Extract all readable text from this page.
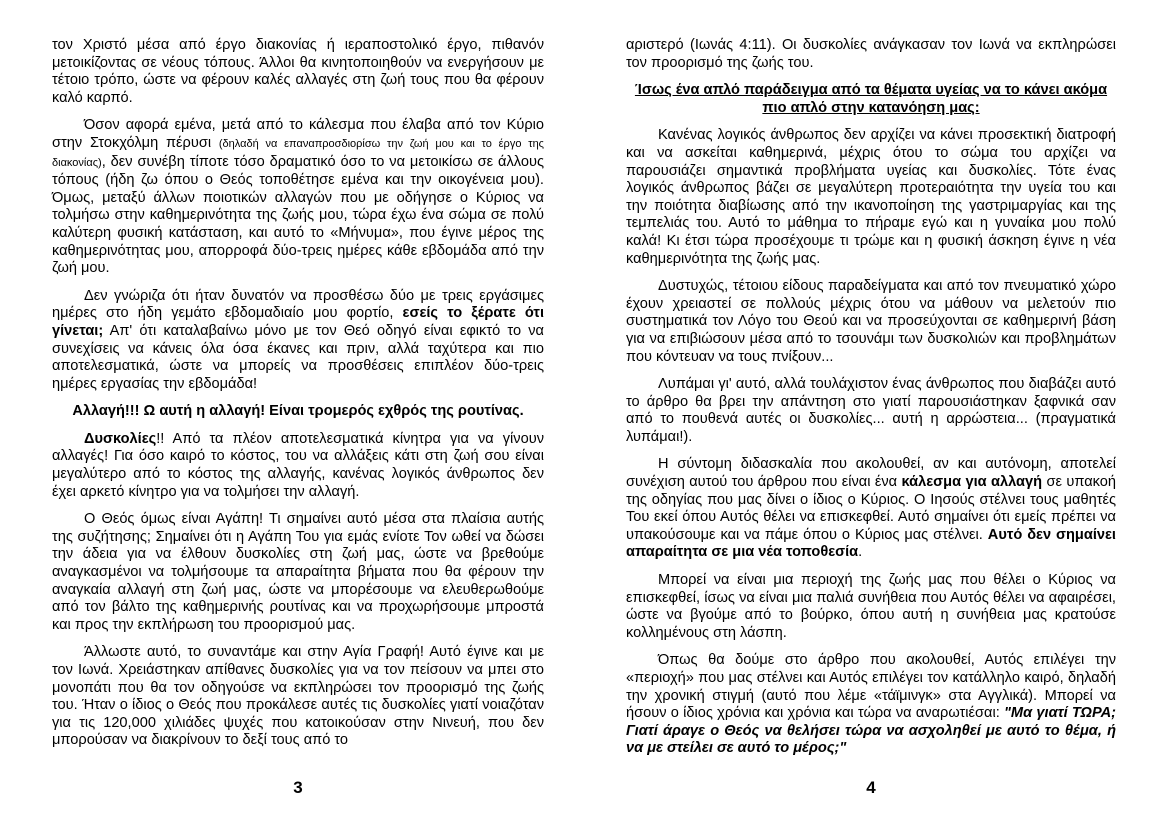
τον Χριστό μέσα από έργο διακονίας ή ιεραποστολικό έργο, πιθανόν μετοικίζοντας σε νέους τόπους. Άλλοι θα κινητοποιηθούν να ενεργήσουν με τέτοιο τρόπο, ώστε να φέρουν καλές αλλαγές στη ζωή τους που θα φέρουν καλό καρπό.

Όσον αφορά εμένα, μετά από το κάλεσμα που έλαβα από τον Κύριο στην Στοκχόλμη πέρυσι (δηλαδή να επαναπροσδιορίσω την ζωή μου και το έργο της διακονίας), δεν συνέβη τίποτε τόσο δραματικό όσο το να μετοικίσω σε άλλους τόπους (ήδη ζω όπου ο Θεός τοποθέτησε εμένα και την οικογένεια μου). Όμως, μεταξύ άλλων ποιοτικών αλλαγών που με οδήγησε ο Κύριος να τολμήσω στην καθημερινότητα της ζωής μου, τώρα έχω ένα σώμα σε πολύ καλύτερη φυσική κατάσταση, και αυτό το «Μήνυμα», που έγινε μέρος της καθημερινότητας μου, απορροφά δύο-τρεις ημέρες κάθε εβδομάδα από την ζωή μου.

Δεν γνώριζα ότι ήταν δυνατόν να προσθέσω δύο με τρεις εργάσιμες ημέρες στο ήδη γεμάτο εβδομαδιαίο μου φορτίο, εσείς το ξέρατε ότι γίνεται; Απ' ότι καταλαβαίνω μόνο με τον Θεό οδηγό είναι εφικτό το να συνεχίσεις να κάνεις όλα όσα έκανες και πριν, αλλά ταχύτερα και πιο αποτελεσματικά, ώστε να μπορείς να προσθέσεις επιπλέον δύο-τρεις ημέρες εργασίας την εβδομάδα!

Αλλαγή!!! Ω αυτή η αλλαγή! Είναι τρομερός εχθρός της ρουτίνας.

Δυσκολίες!! Από τα πλέον αποτελεσματικά κίνητρα για να γίνουν αλλαγές! Για όσο καιρό το κόστος, του να αλλάξεις κάτι στη ζωή σου είναι μεγαλύτερο από το κόστος της αλλαγής, κανένας λογικός άνθρωπος δεν έχει αρκετό κίνητρο για να τολμήσει την αλλαγή.

Ο Θεός όμως είναι Αγάπη! Τι σημαίνει αυτό μέσα στα πλαίσια αυτής της συζήτησης; Σημαίνει ότι η Αγάπη Του για εμάς ενίοτε Τον ωθεί να δώσει την άδεια για να έλθουν δυσκολίες στη ζωή μας, ώστε να βρεθούμε αναγκασμένοι να τολμήσουμε τα απαραίτητα βήματα που θα φέρουν την αναγκαία αλλαγή στη ζωή μας, ώστε να μπορέσουμε να ελευθερωθούμε από τον βάλτο της καθημερινής ρουτίνας και να προχωρήσουμε μπροστά και προς την εκπλήρωση του προορισμού μας.

Άλλωστε αυτό, το συναντάμε και στην Αγία Γραφή! Αυτό έγινε και με τον Ιωνά. Χρειάστηκαν απίθανες δυσκολίες για να τον πείσουν να μπει στο μονοπάτι που θα τον οδηγούσε να εκπληρώσει τον προορισμό της ζωής του. Ήταν ο ίδιος ο Θεός που προκάλεσε αυτές τις δυσκολίες γιατί νοιαζόταν για τις 120,000 χιλιάδες ψυχές που κατοικούσαν στην Νινευή, που δεν μπορούσαν να διακρίνουν το δεξί τους από το

3

αριστερό (Ιωνάς 4:11). Οι δυσκολίες ανάγκασαν τον Ιωνά να εκπληρώσει τον προορισμό της ζωής του.

Ίσως ένα απλό παράδειγμα από τα θέματα υγείας να το κάνει ακόμα πιο απλό στην κατανόηση μας:

Κανένας λογικός άνθρωπος δεν αρχίζει να κάνει προσεκτική διατροφή και να ασκείται καθημερινά, μέχρις ότου το σώμα του αρχίζει να παρουσιάζει σημαντικά προβλήματα υγείας και δυσκολίες. Τότε ένας λογικός άνθρωπος βάζει σε μεγαλύτερη προτεραιότητα την υγεία του και την ποιότητα διαβίωσης από την ικανοποίηση της γαστριμαργίας και της τεμπελιάς του. Αυτό το μάθημα το πήραμε εγώ και η γυναίκα μου πολύ καλά! Κι έτσι τώρα προσέχουμε τι τρώμε και η φυσική άσκηση έγινε η νέα καθημερινότητα της ζωής μας.

Δυστυχώς, τέτοιου είδους παραδείγματα και από τον πνευματικό χώρο έχουν χρειαστεί σε πολλούς μέχρις ότου να μάθουν να μελετούν πιο συστηματικά τον Λόγο του Θεού και να προσεύχονται σε καθημερινή βάση για να επιβιώσουν μέσα από το τσουνάμι των δυσκολιών και προβλημάτων που κόντευαν να τους πνίξουν...

Λυπάμαι γι' αυτό, αλλά τουλάχιστον ένας άνθρωπος που διαβάζει αυτό το άρθρο θα βρει την απάντηση στο γιατί παρουσιάστηκαν ξαφνικά σαν από το πουθενά αυτές οι δυσκολίες... αυτή η αρρώστεια... (πραγματικά λυπάμαι!).

Η σύντομη διδασκαλία που ακολουθεί, αν και αυτόνομη, αποτελεί συνέχιση αυτού του άρθρου που είναι ένα κάλεσμα για αλλαγή σε υπακοή της οδηγίας που μας δίνει ο ίδιος ο Κύριος. Ο Ιησούς στέλνει τους μαθητές Του εκεί όπου Αυτός θέλει να επισκεφθεί. Αυτό σημαίνει ότι εμείς πρέπει να υπακούσουμε και να πάμε όπου ο Κύριος μας στέλνει. Αυτό δεν σημαίνει απαραίτητα σε μια νέα τοποθεσία.

Μπορεί να είναι μια περιοχή της ζωής μας που θέλει ο Κύριος να επισκεφθεί, ίσως να είναι μια παλιά συνήθεια που Αυτός θέλει να αφαιρέσει, ώστε να βγούμε από το βούρκο, όπου αυτή η συνήθεια μας κρατούσε κολλημένους στη λάσπη.

Όπως θα δούμε στο άρθρο που ακολουθεί, Αυτός επιλέγει την «περιοχή» που μας στέλνει και Αυτός επιλέγει τον κατάλληλο καιρό, δηλαδή την χρονική στιγμή (αυτό που λέμε «τάϊμινγκ» στα Αγγλικά). Μπορεί να ήσουν ο ίδιος χρόνια και χρόνια και τώρα να αναρωτιέσαι: "Μα γιατί ΤΩΡΑ; Γιατί άραγε ο Θεός να θελήσει τώρα να ασχοληθεί με αυτό το θέμα, ή να με στείλει σε αυτό το μέρος;"

4
